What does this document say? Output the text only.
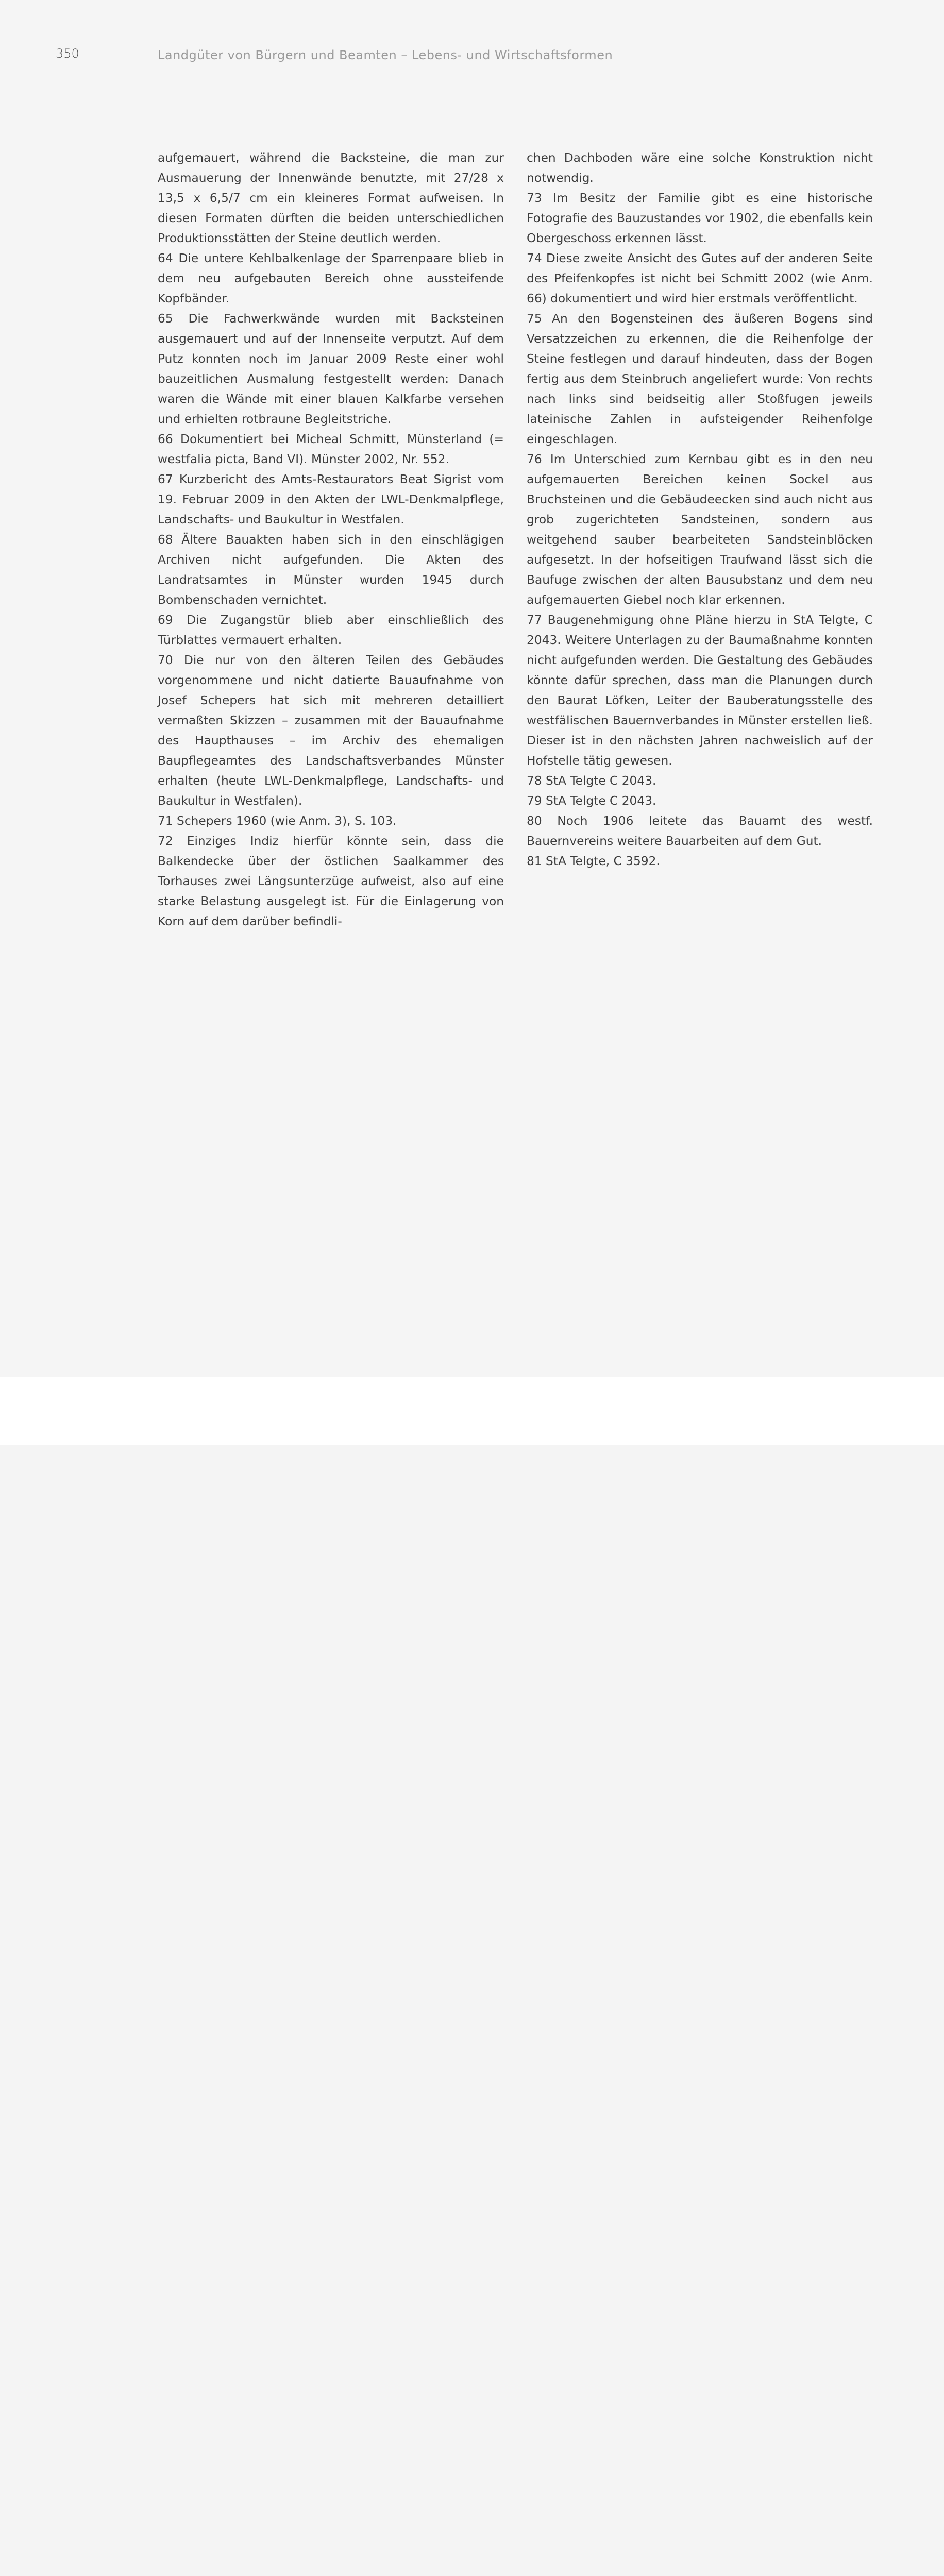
350	Landgüter von Bürgern und Beamten – Lebens- und Wirtschaftsformen

aufgemauert, während die Backsteine, die man zur Ausmauerung der Innenwände benutzte, mit 27/28 x 13,5 x 6,5/7 cm ein kleineres Format aufweisen. In diesen Formaten dürften die beiden unterschiedlichen Produktionsstätten der Steine deutlich werden.

64 Die untere Kehlbalkenlage der Sparrenpaare blieb in dem neu aufgebauten Bereich ohne aussteifende Kopfbänder.

65 Die Fachwerkwände wurden mit Backsteinen ausgemauert und auf der Innenseite verputzt. Auf dem Putz konnten noch im Januar 2009 Reste einer wohl bauzeitlichen Ausmalung festgestellt werden: Danach waren die Wände mit einer blauen Kalkfarbe versehen und erhielten rotbraune Begleitstriche.

66 Dokumentiert bei Micheal Schmitt, Münsterland (= westfalia picta, Band VI). Münster 2002, Nr. 552.

67 Kurzbericht des Amts-Restaurators Beat Sigrist vom 19. Februar 2009 in den Akten der LWL-Denkmalpflege, Landschafts- und Baukultur in Westfalen.

68 Ältere Bauakten haben sich in den einschlägigen Archiven nicht aufgefunden. Die Akten des Landratsamtes in Münster wurden 1945 durch Bombenschaden vernichtet.

69 Die Zugangstür blieb aber einschließlich des Türblattes vermauert erhalten.

70 Die nur von den älteren Teilen des Gebäudes vorgenommene und nicht datierte Bauaufnahme von Josef Schepers hat sich mit mehreren detailliert vermaßten Skizzen – zusammen mit der Bauaufnahme des Haupthauses – im Archiv des ehemaligen Baupflegeamtes des Landschaftsverbandes Münster erhalten (heute LWL-Denkmalpflege, Landschafts- und Baukultur in Westfalen).

71 Schepers 1960 (wie Anm. 3), S. 103.

72 Einziges Indiz hierfür könnte sein, dass die Balkendecke über der östlichen Saalkammer des Torhauses zwei Längsunterzüge aufweist, also auf eine starke Belastung ausgelegt ist. Für die Einlagerung von Korn auf dem darüber befindli-

chen Dachboden wäre eine solche Konstruktion nicht notwendig.

73 Im Besitz der Familie gibt es eine historische Fotografie des Bauzustandes vor 1902, die ebenfalls kein Obergeschoss erkennen lässt.

74 Diese zweite Ansicht des Gutes auf der anderen Seite des Pfeifenkopfes ist nicht bei Schmitt 2002 (wie Anm. 66) dokumentiert und wird hier erstmals veröffentlicht.

75 An den Bogensteinen des äußeren Bogens sind Versatzzeichen zu erkennen, die die Reihenfolge der Steine festlegen und darauf hindeuten, dass der Bogen fertig aus dem Steinbruch angeliefert wurde: Von rechts nach links sind beidseitig aller Stoßfugen jeweils lateinische Zahlen in aufsteigender Reihenfolge eingeschlagen.

76 Im Unterschied zum Kernbau gibt es in den neu aufgemauerten Bereichen keinen Sockel aus Bruchsteinen und die Gebäudeecken sind auch nicht aus grob zugerichteten Sandsteinen, sondern aus weitgehend sauber bearbeiteten Sandsteinblöcken aufgesetzt. In der hofseitigen Traufwand lässt sich die Baufuge zwischen der alten Bausubstanz und dem neu aufgemauerten Giebel noch klar erkennen.

77 Baugenehmigung ohne Pläne hierzu in StA Telgte, C 2043. Weitere Unterlagen zu der Baumaßnahme konnten nicht aufgefunden werden. Die Gestaltung des Gebäudes könnte dafür sprechen, dass man die Planungen durch den Baurat Löfken, Leiter der Bauberatungsstelle des westfälischen Bauernverbandes in Münster erstellen ließ. Dieser ist in den nächsten Jahren nachweislich auf der Hofstelle tätig gewesen.

78 StA Telgte C 2043.

79 StA Telgte C 2043.

80 Noch 1906 leitete das Bauamt des westf. Bauernvereins weitere Bauarbeiten auf dem Gut.

81 StA Telgte, C 3592.
